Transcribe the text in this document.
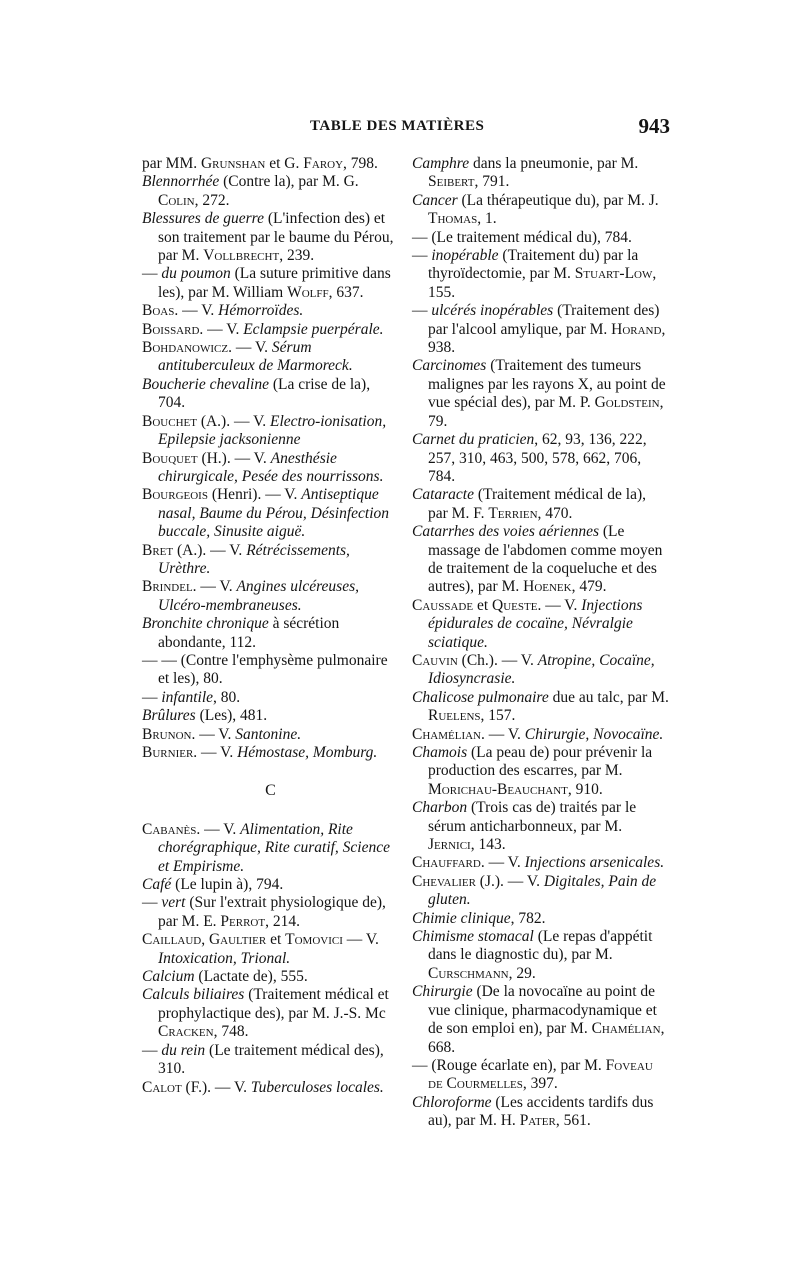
TABLE DES MATIÈRES	943

par MM. Grunshan et G. Faroy, 798.

Blennorrhée (Contre la), par M. G. Colin, 272.

Blessures de guerre (L'infection des) et son traitement par le baume du Pérou, par M. Vollbrecht, 239.

— du poumon (La suture primitive dans les), par M. William Wolff, 637.

Boas. — V. Hémorroïdes.

Boissard. — V. Eclampsie puerpérale.

Bohdanowicz. — V. Sérum antituberculeux de Marmoreck.

Boucherie chevaline (La crise de la), 704.

Bouchet (A.). — V. Electro-ionisation, Epilepsie jacksonienne

Bouquet (H.). — V. Anesthésie chirurgicale, Pesée des nourrissons.

Bourgeois (Henri). — V. Antiseptique nasal, Baume du Pérou, Désinfection buccale, Sinusite aiguë.

Bret (A.). — V. Rétrécissements, Urèthre.

Brindel. — V. Angines ulcéreuses, Ulcéro-membraneuses.

Bronchite chronique à sécrétion abondante, 112.

— — (Contre l'emphysème pulmonaire et les), 80.

— infantile, 80.

Brûlures (Les), 481.

Brunon. — V. Santonine.

Burnier. — V. Hémostase, Momburg.

C

Cabanès. — V. Alimentation, Rite chorégraphique, Rite curatif, Science et Empirisme.

Café (Le lupin à), 794.

— vert (Sur l'extrait physiologique de), par M. E. Perrot, 214.

Caillaud, Gaultier et Tomovici — V. Intoxication, Trional.

Calcium (Lactate de), 555.

Calculs biliaires (Traitement médical et prophylactique des), par M. J.-S. Mc Cracken, 748.

— du rein (Le traitement médical des), 310.

Calot (F.). — V. Tuberculoses locales.

Camphre dans la pneumonie, par M. Seibert, 791.

Cancer (La thérapeutique du), par M. J. Thomas, 1.

— (Le traitement médical du), 784.

— inopérable (Traitement du) par la thyroïdectomie, par M. Stuart-Low, 155.

— ulcérés inopérables (Traitement des) par l'alcool amylique, par M. Horand, 938.

Carcinomes (Traitement des tumeurs malignes par les rayons X, au point de vue spécial des), par M. P. Goldstein, 79.

Carnet du praticien, 62, 93, 136, 222, 257, 310, 463, 500, 578, 662, 706, 784.

Cataracte (Traitement médical de la), par M. F. Terrien, 470.

Catarrhes des voies aériennes (Le massage de l'abdomen comme moyen de traitement de la coqueluche et des autres), par M. Hoenek, 479.

Caussade et Queste. — V. Injections épidurales de cocaïne, Névralgie sciatique.

Cauvin (Ch.). — V. Atropine, Cocaïne, Idiosyncrasie.

Chalicose pulmonaire due au talc, par M. Ruelens, 157.

Chamélian. — V. Chirurgie, Novocaïne.

Chamois (La peau de) pour prévenir la production des escarres, par M. Morichau-Beauchant, 910.

Charbon (Trois cas de) traités par le sérum anticharbonneux, par M. Jernici, 143.

Chauffard. — V. Injections arsenicales.

Chevalier (J.). — V. Digitales, Pain de gluten.

Chimie clinique, 782.

Chimisme stomacal (Le repas d'appétit dans le diagnostic du), par M. Curschmann, 29.

Chirurgie (De la novocaïne au point de vue clinique, pharmacodynamique et de son emploi en), par M. Chamélian, 668.

— (Rouge écarlate en), par M. Foveau de Courmelles, 397.

Chloroforme (Les accidents tardifs dus au), par M. H. Pater, 561.
